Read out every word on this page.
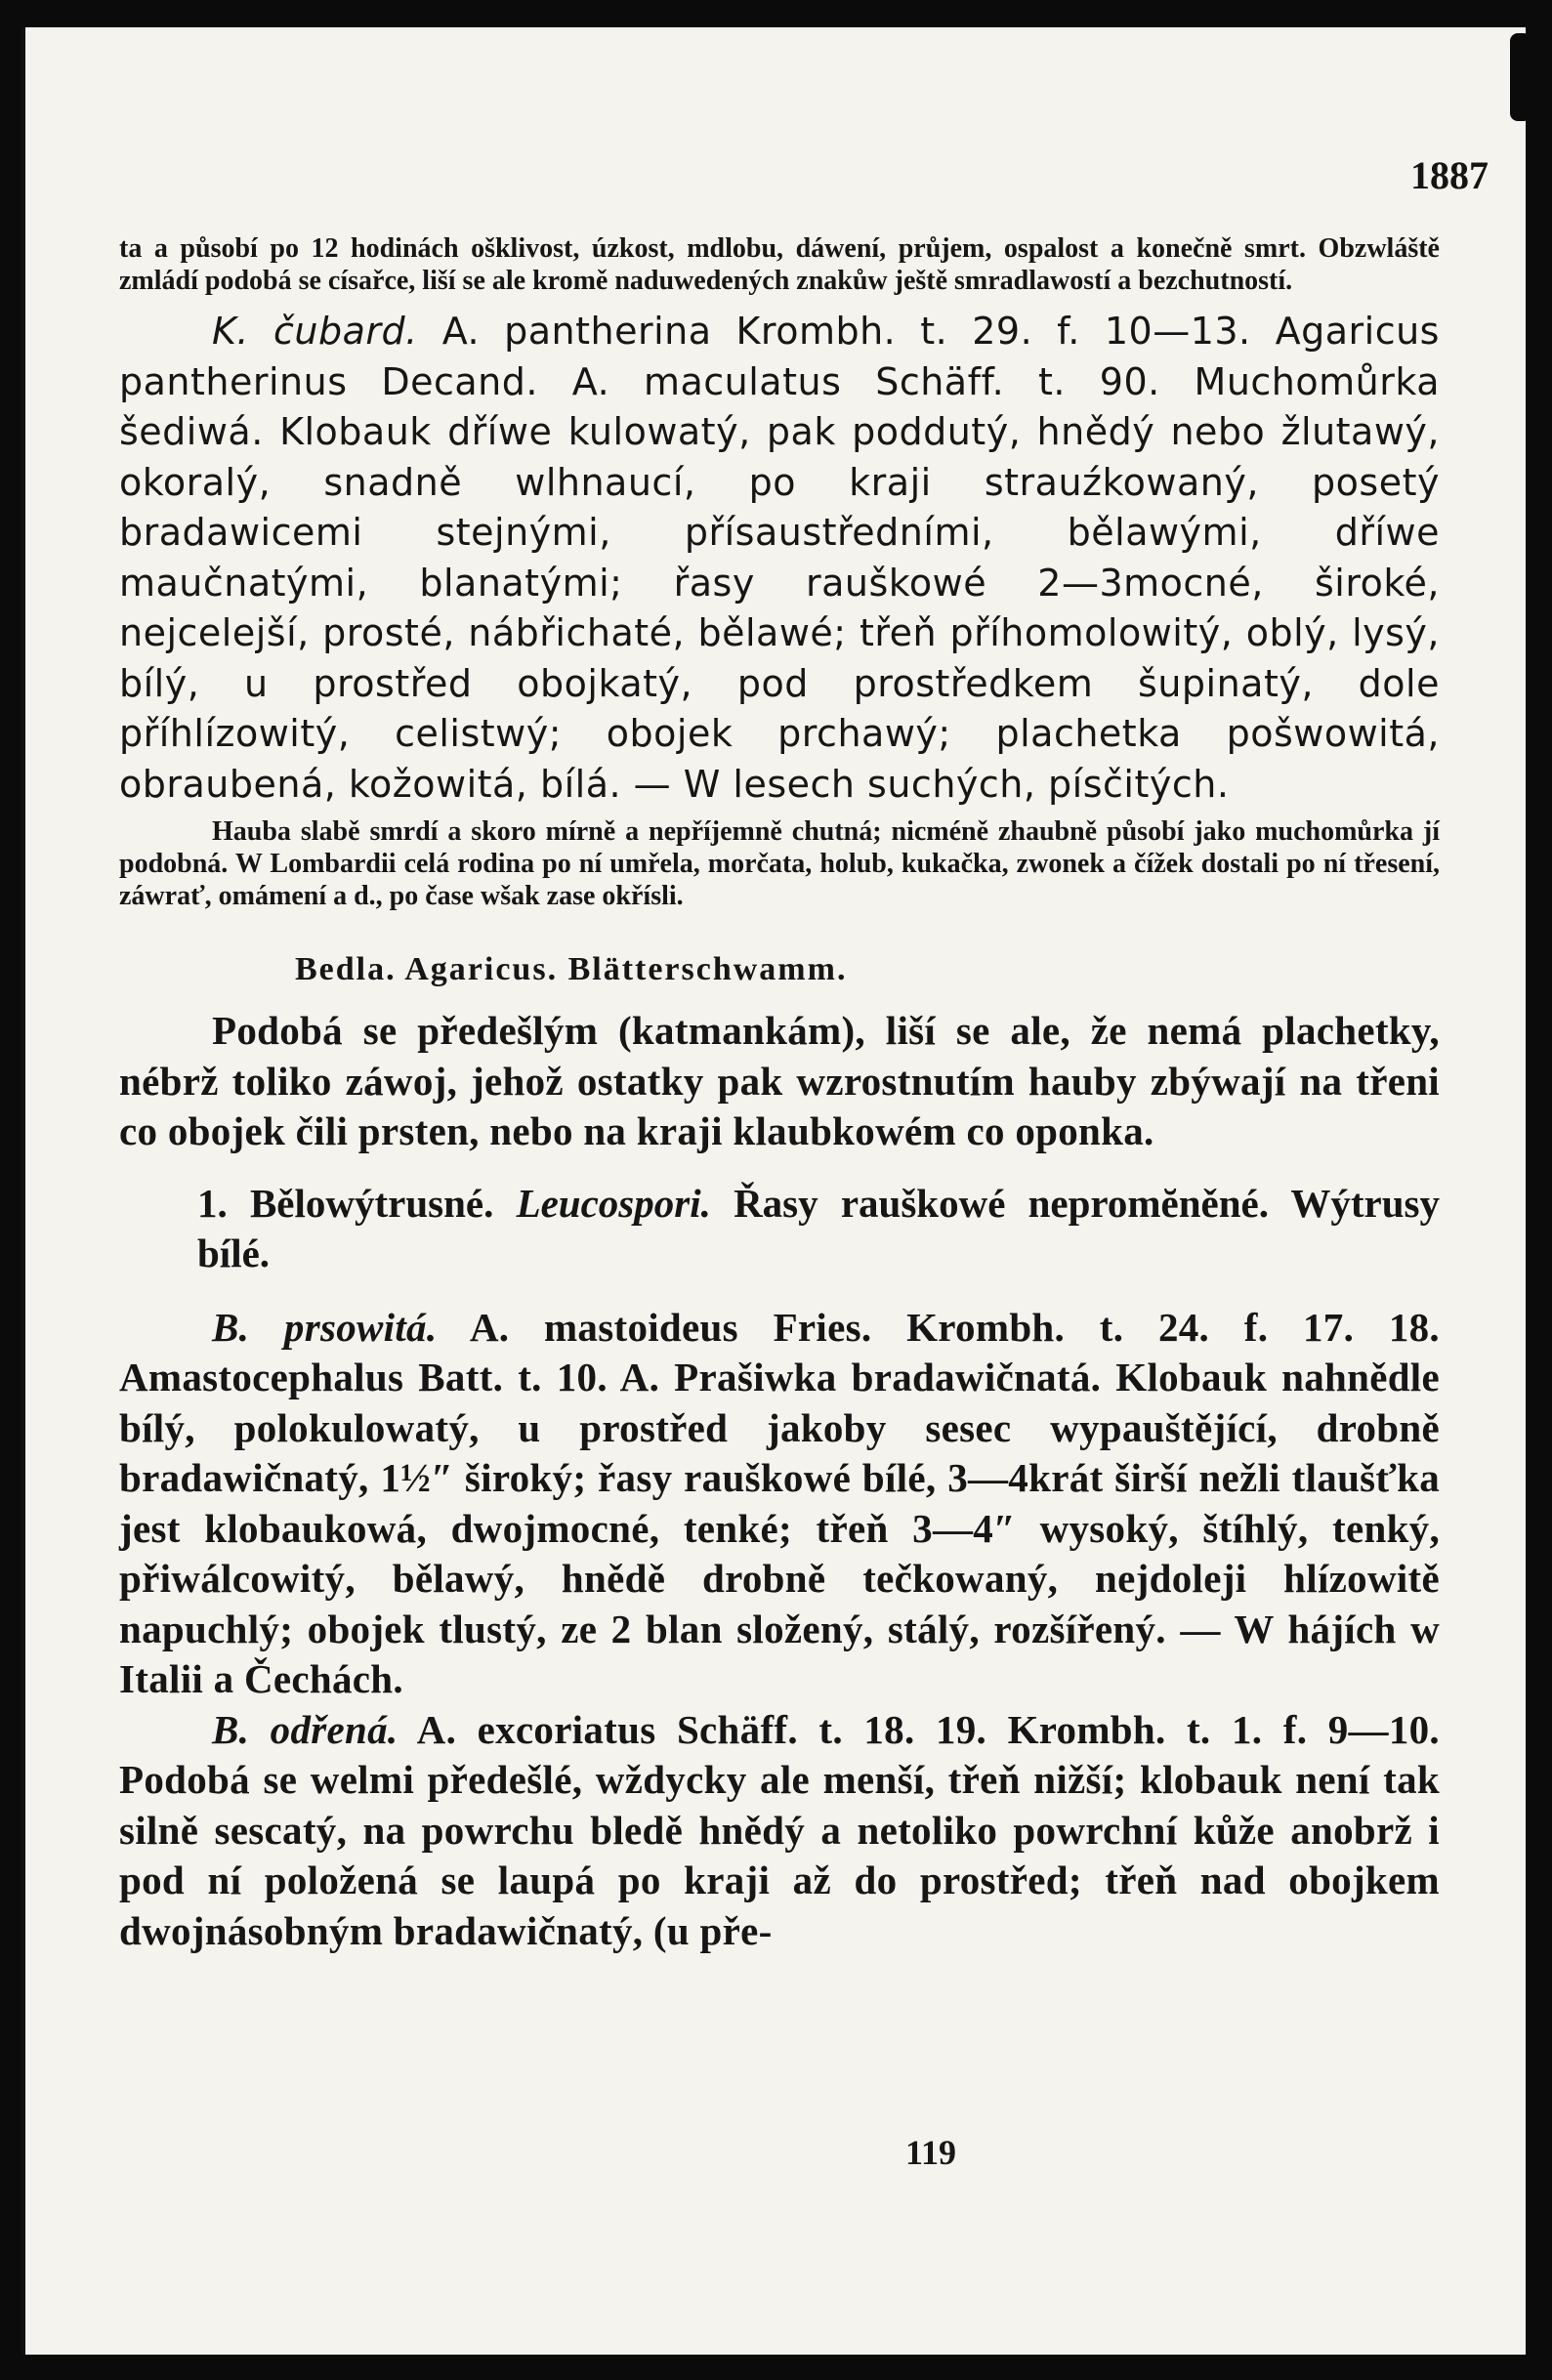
1887

ta a působí po 12 hodinách ošklivost, úzkost, mdlobu, dáwení, průjem, ospalost a konečně smrt. Obzwláště zmládí podobá se císařce, liší se ale kromě naduwedených znakůw ještě smradlawostí a bezchutností.

K. čubard. A. pantherina Krombh. t. 29. f. 10—13. Agaricus pantherinus Decand. A. maculatus Schäff. t. 90. Muchomůrka šediwá. Klobauk dříwe kulowatý, pak poddutý, hnědý nebo žlutawý, okoralý, snadně wlhnaucí, po kraji strauźkowaný, posetý bradawicemi stejnými, přísaustředními, bělawými, dříwe maučnatými, blanatými; řasy rauškowé 2—3mocné, široké, nejcelejší, prosté, nábřichaté, bělawé; třeň příhomolowitý, oblý, lysý, bílý, u prostřed obojkatý, pod prostředkem šupinatý, dole příhlízowitý, celistwý; obojek prchawý; plachetka pošwowitá, obraubená, kožowitá, bílá. — W lesech suchých, písčitých.

Hauba slabě smrdí a skoro mírně a nepříjemně chutná; nicméně zhaubně působí jako muchomůrka jí podobná. W Lombardii celá rodina po ní umřela, morčata, holub, kukačka, zwonek a čížek dostali po ní třesení, záwrať, omámení a d., po čase wšak zase okřísli.

Bedla. Agaricus. Blätterschwamm.

Podobá se předešlým (katmankám), liší se ale, že nemá plachetky, nébrž toliko záwoj, jehož ostatky pak wzrostnutím hauby zbýwají na třeni co obojek čili prsten, nebo na kraji klaubkowém co oponka.

1. Bělowýtrusné. Leucospori. Řasy rauškowé nepromĕněné. Wýtrusy bílé.

B. prsowitá. A. mastoideus Fries. Krombh. t. 24. f. 17. 18. Amastocephalus Batt. t. 10. A. Prašiwka bradawičnatá. Klobauk nahnědle bílý, polokulowatý, u prostřed jakoby sesec wypauštějící, drobně bradawičnatý, 1½″ široký; řasy rauškowé bílé, 3—4krát širší nežli tlaušťka jest klobaukowá, dwojmocné, tenké; třeň 3—4″ wysoký, štíhlý, tenký, přiwálcowitý, bělawý, hnědě drobně tečkowaný, nejdoleji hlízowitě napuchlý; obojek tlustý, ze 2 blan složený, stálý, rozšířený. — W hájích w Italii a Čechách.

B. odřená. A. excoriatus Schäff. t. 18. 19. Krombh. t. 1. f. 9—10. Podobá se welmi předešlé, wždycky ale menší, třeň nižší; klobauk není tak silně sescatý, na powrchu bledě hnědý a netoliko powrchní kůže anobrž i pod ní položená se laupá po kraji až do prostřed; třeň nad obojkem dwojnásobným bradawičnatý, (u pře-

119
